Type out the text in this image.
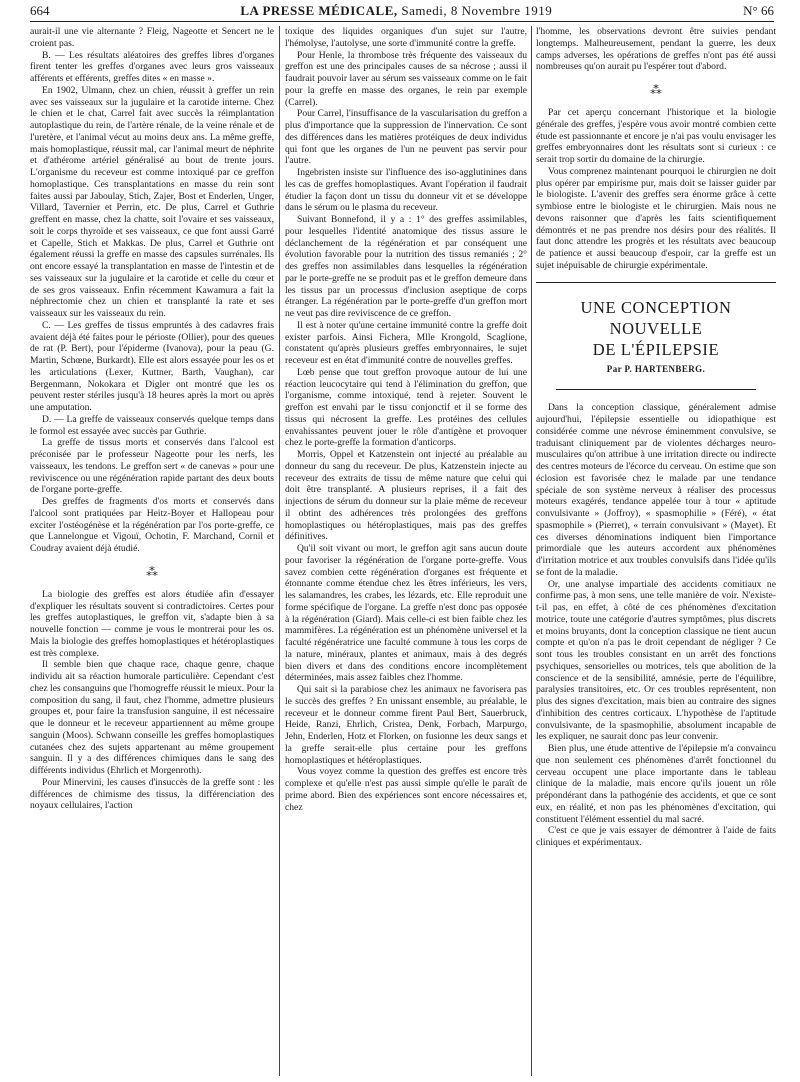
664	LA PRESSE MÉDICALE, Samedi, 8 Novembre 1919	N° 66

aurait-il une vie alternante ? Fleig, Nageotte et Sencert ne le croient pas.

B. — Les résultats aléatoires des greffes libres d'organes firent tenter les greffes d'organes avec leurs gros vaisseaux afférents et efférents, greffes dites « en masse ».

En 1902, Ulmann, chez un chien, réussit à greffer un rein avec ses vaisseaux sur la jugulaire et la carotide interne. Chez le chien et le chat, Carrel fait avec succès la réimplantation autoplastique du rein, de l'artère rénale, de la veine rénale et de l'uretère, et l'animal vécut au moins deux ans. La même greffe, mais homoplastique, réussit mal, car l'animal meurt de néphrite et d'athérome artériel généralisé au bout de trente jours. L'organisme du receveur est comme intoxiqué par ce greffon homoplastique. Ces transplantations en masse du rein sont faites aussi par Jaboulay, Stich, Zajer, Bost et Enderlen, Unger, Villard, Tavernier et Perrin, etc. De plus, Carrel et Guthrie greffent en masse, chez la chatte, soit l'ovaire et ses vaisseaux, soit le corps thyroïde et ses vaisseaux, ce que font aussi Garré et Capelle, Stich et Makkas. De plus, Carrel et Guthrie ont également réussi la greffe en masse des capsules surrénales. Ils ont encore essayé la transplantation en masse de l'intestin et de ses vaisseaux sur la jugulaire et la carotide et celle du cœur et de ses gros vaisseaux. Enfin récemment Kawamura a fait la néphrectomie chez un chien et transplanté la rate et ses vaisseaux sur les vaisseaux du rein.

C. — Les greffes de tissus empruntés à des cadavres frais avaient déjà été faites pour le périoste (Ollier), pour des queues de rat (P. Bert), pour l'épiderme (Ivanova), pour la peau (G. Martin, Schœne, Burkardt). Elle est alors essayée pour les os et les articulations (Lexer, Kuttner, Barth, Vaughan), car Bergenmann, Nokokara et Digler ont montré que les os peuvent rester stériles jusqu'à 18 heures après la mort ou après une amputation.

D. — La greffe de vaisseaux conservés quelque temps dans le formol est essayée avec succès par Guthrie.

La greffe de tissus morts et conservés dans l'alcool est préconisée par le professeur Nageotte pour les nerfs, les vaisseaux, les tendons. Le greffon sert « de canevas » pour une reviviscence ou une régénération rapide partant des deux bouts de l'organe porte-greffe.

Des greffes de fragments d'os morts et conservés dans l'alcool sont pratiquées par Heitz-Boyer et Hallopeau pour exciter l'ostéogénèse et la régénération par l'os porte-greffe, ce que Lannelongue et Vigouï, Ochotin, F. Marchand, Cornil et Coudray avaient déjà étudié.

⁂

La biologie des greffes est alors étudiée afin d'essayer d'expliquer les résultats souvent si contradictoires. Certes pour les greffes autoplastiques, le greffon vit, s'adapte bien à sa nouvelle fonction — comme je vous le montrerai pour les os. Mais la biologie des greffes homoplastiques et hétéroplastiques est très complexe.

Il semble bien que chaque race, chaque genre, chaque individu ait sa réaction humorale particulière. Cependant c'est chez les consanguins que l'homogreffe réussit le mieux. Pour la composition du sang, il faut, chez l'homme, admettre plusieurs groupes et, pour faire la transfusion sanguine, il est nécessaire que le donneur et le receveur appartiennent au même groupe sanguin (Moos). Schwann conseille les greffes homoplastiques cutanées chez des sujets appartenant au même groupement sanguin. Il y a des différences chimiques dans le sang des différents individus (Ehrlich et Morgenroth).

Pour Minervini, les causes d'insuccès de la greffe sont : les différences de chimisme des tissus, la différenciation des noyaux cellulaires, l'action

toxique des liquides organiques d'un sujet sur l'autre, l'hémolyse, l'autolyse, une sorte d'immunité contre la greffe.

Pour Henle, la thrombose très fréquente des vaisseaux du greffon est une des principales causes de sa nécrose ; aussi il faudrait pouvoir laver au sérum ses vaisseaux comme on le fait pour la greffe en masse des organes, le rein par exemple (Carrel).

Pour Carrel, l'insuffisance de la vascularisation du greffon a plus d'importance que la suppression de l'innervation. Ce sont des différences dans les matières protéiques de deux individus qui font que les organes de l'un ne peuvent pas servir pour l'autre.

Ingebristen insiste sur l'influence des iso-agglutinines dans les cas de greffes homoplastiques. Avant l'opération il faudrait étudier la façon dont un tissu du donneur vit et se développe dans le sérum ou le plasma du receveur.

Suivant Bonnefond, il y a : 1° des greffes assimilables, pour lesquelles l'identité anatomique des tissus assure le déclanchement de la régénération et par conséquent une évolution favorable pour la nutrition des tissus remaniés ; 2° des greffes non assimilables dans lesquelles la régénération par le porte-greffe ne se produit pas et le greffon demeure dans les tissus par un processus d'inclusion aseptique de corps étranger. La régénération par le porte-greffe d'un greffon mort ne veut pas dire reviviscence de ce greffon.

Il est à noter qu'une certaine immunité contre la greffe doit exister parfois. Ainsi Fichera, Mlle Krongold, Scaglione, constatent qu'après plusieurs greffes embryonnaires, le sujet receveur est en état d'immunité contre de nouvelles greffes.

Lœb pense que tout greffon provoque autour de lui une réaction leucocytaire qui tend à l'élimination du greffon, que l'organisme, comme intoxiqué, tend à rejeter. Souvent le greffon est envahi par le tissu conjonctif et il se forme des tissus qui nécrosent la greffe. Les protéines des cellules envahissantes peuvent jouer le rôle d'antigène et provoquer chez le porte-greffe la formation d'anticorps.

Morris, Oppel et Katzenstein ont injecté au préalable au donneur du sang du receveur. De plus, Katzenstein injecte au receveur des extraits de tissu de même nature que celui qui doit être transplanté. A plusieurs reprises, il a fait des injections de sérum du donneur sur la plaie même de receveur il obtint des adhérences très prolongées des greffons homoplastiques ou hétéroplastiques, mais pas des greffes définitives.

Qu'il soit vivant ou mort, le greffon agit sans aucun doute pour favoriser la régénération de l'organe porte-greffe. Vous savez combien cette régénération d'organes est fréquente et étonnante comme étendue chez les êtres inférieurs, les vers, les salamandres, les crabes, les lézards, etc. Elle reproduit une forme spécifique de l'organe. La greffe n'est donc pas opposée à la régénération (Giard). Mais celle-ci est bien faible chez les mammifères. La régénération est un phénomène universel et la faculté régénératrice une faculté commune à tous les corps de la nature, minéraux, plantes et animaux, mais à des degrés bien divers et dans des conditions encore incomplètement déterminées, mais assez faibles chez l'homme.

Qui sait si la parabiose chez les animaux ne favorisera pas le succès des greffes ? En unissant ensemble, au préalable, le receveur et le donneur comme firent Paul Bert, Sauerbruck, Heide, Ranzi, Ehrlich, Cristea, Denk, Forbach, Marpurgo, Jehn, Enderlen, Hotz et Florken, on fusionne les deux sangs et la greffe serait-elle plus certaine pour les greffons homoplastiques et hétéroplastiques.

Vous voyez comme la question des greffes est encore très complexe et qu'elle n'est pas aussi simple qu'elle le paraît de prime abord. Bien des expériences sont encore nécessaires et, chez

l'homme, les observations devront être suivies pendant longtemps. Malheureusement, pendant la guerre, les deux camps adverses, les opérations de greffes n'ont pas été aussi nombreuses qu'on aurait pu l'espérer tout d'abord.

⁂

Par cet aperçu concernant l'historique et la biologie générale des greffes, j'espère vous avoir montré combien cette étude est passionnante et encore je n'ai pas voulu envisager les greffes embryonnaires dont les résultats sont si curieux : ce serait trop sortir du domaine de la chirurgie.

Vous comprenez maintenant pourquoi le chirurgien ne doit plus opérer par empirisme pur, mais doit se laisser guider par le biologiste. L'avenir des greffes sera énorme grâce à cette symbiose entre le biologiste et le chirurgien. Mais nous ne devons raisonner que d'après les faits scientifiquement démontrés et ne pas prendre nos désirs pour des réalités. Il faut donc attendre les progrès et les résultats avec beaucoup de patience et aussi beaucoup d'espoir, car la greffe est un sujet inépuisable de chirurgie expérimentale.

UNE CONCEPTION NOUVELLE
DE L'ÉPILEPSIE
Par P. HARTENBERG.

Dans la conception classique, généralement admise aujourd'hui, l'épilepsie essentielle ou idiopathique est considérée comme une névrose éminemment convulsive, se traduisant cliniquement par de violentes décharges neuro-musculaires qu'on attribue à une irritation directe ou indirecte des centres moteurs de l'écorce du cerveau. On estime que son éclosion est favorisée chez le malade par une tendance spéciale de son système nerveux à réaliser des processus moteurs exagérés, tendance appelée tour à tour « aptitude convulsivante » (Joffroy), « spasmophilie » (Féré), « état spasmophile » (Pierret), « terrain convulsivant » (Mayet). Et ces diverses dénominations indiquent bien l'importance primordiale que les auteurs accordent aux phénomènes d'irritation motrice et aux troubles convulsifs dans l'idée qu'ils se font de la maladie.

Or, une analyse impartiale des accidents comitiaux ne confirme pas, à mon sens, une telle manière de voir. N'existe-t-il pas, en effet, à côté de ces phénomènes d'excitation motrice, toute une catégorie d'autres symptômes, plus discrets et moins bruyants, dont la conception classique ne tient aucun compte et qu'on n'a pas le droit cependant de négliger ? Ce sont tous les troubles consistant en un arrêt des fonctions psychiques, sensorielles ou motrices, tels que abolition de la conscience et de la sensibilité, amnésie, perte de l'équilibre, paralysies transitoires, etc. Or ces troubles représentent, non plus des signes d'excitation, mais bien au contraire des signes d'inhibition des centres corticaux. L'hypothèse de l'aptitude convulsivante, de la spasmophilie, absolument incapable de les expliquer, ne saurait donc pas leur convenir.

Bien plus, une étude attentive de l'épilepsie m'a convaincu que non seulement ces phénomènes d'arrêt fonctionnel du cerveau occupent une place importante dans le tableau clinique de la maladie, mais encore qu'ils jouent un rôle prépondérant dans la pathogénie des accidents, et que ce sont eux, en réalité, et non pas les phénomènes d'excitation, qui constituent l'élément essentiel du mal sacré.

C'est ce que je vais essayer de démontrer à l'aide de faits cliniques et expérimentaux.
